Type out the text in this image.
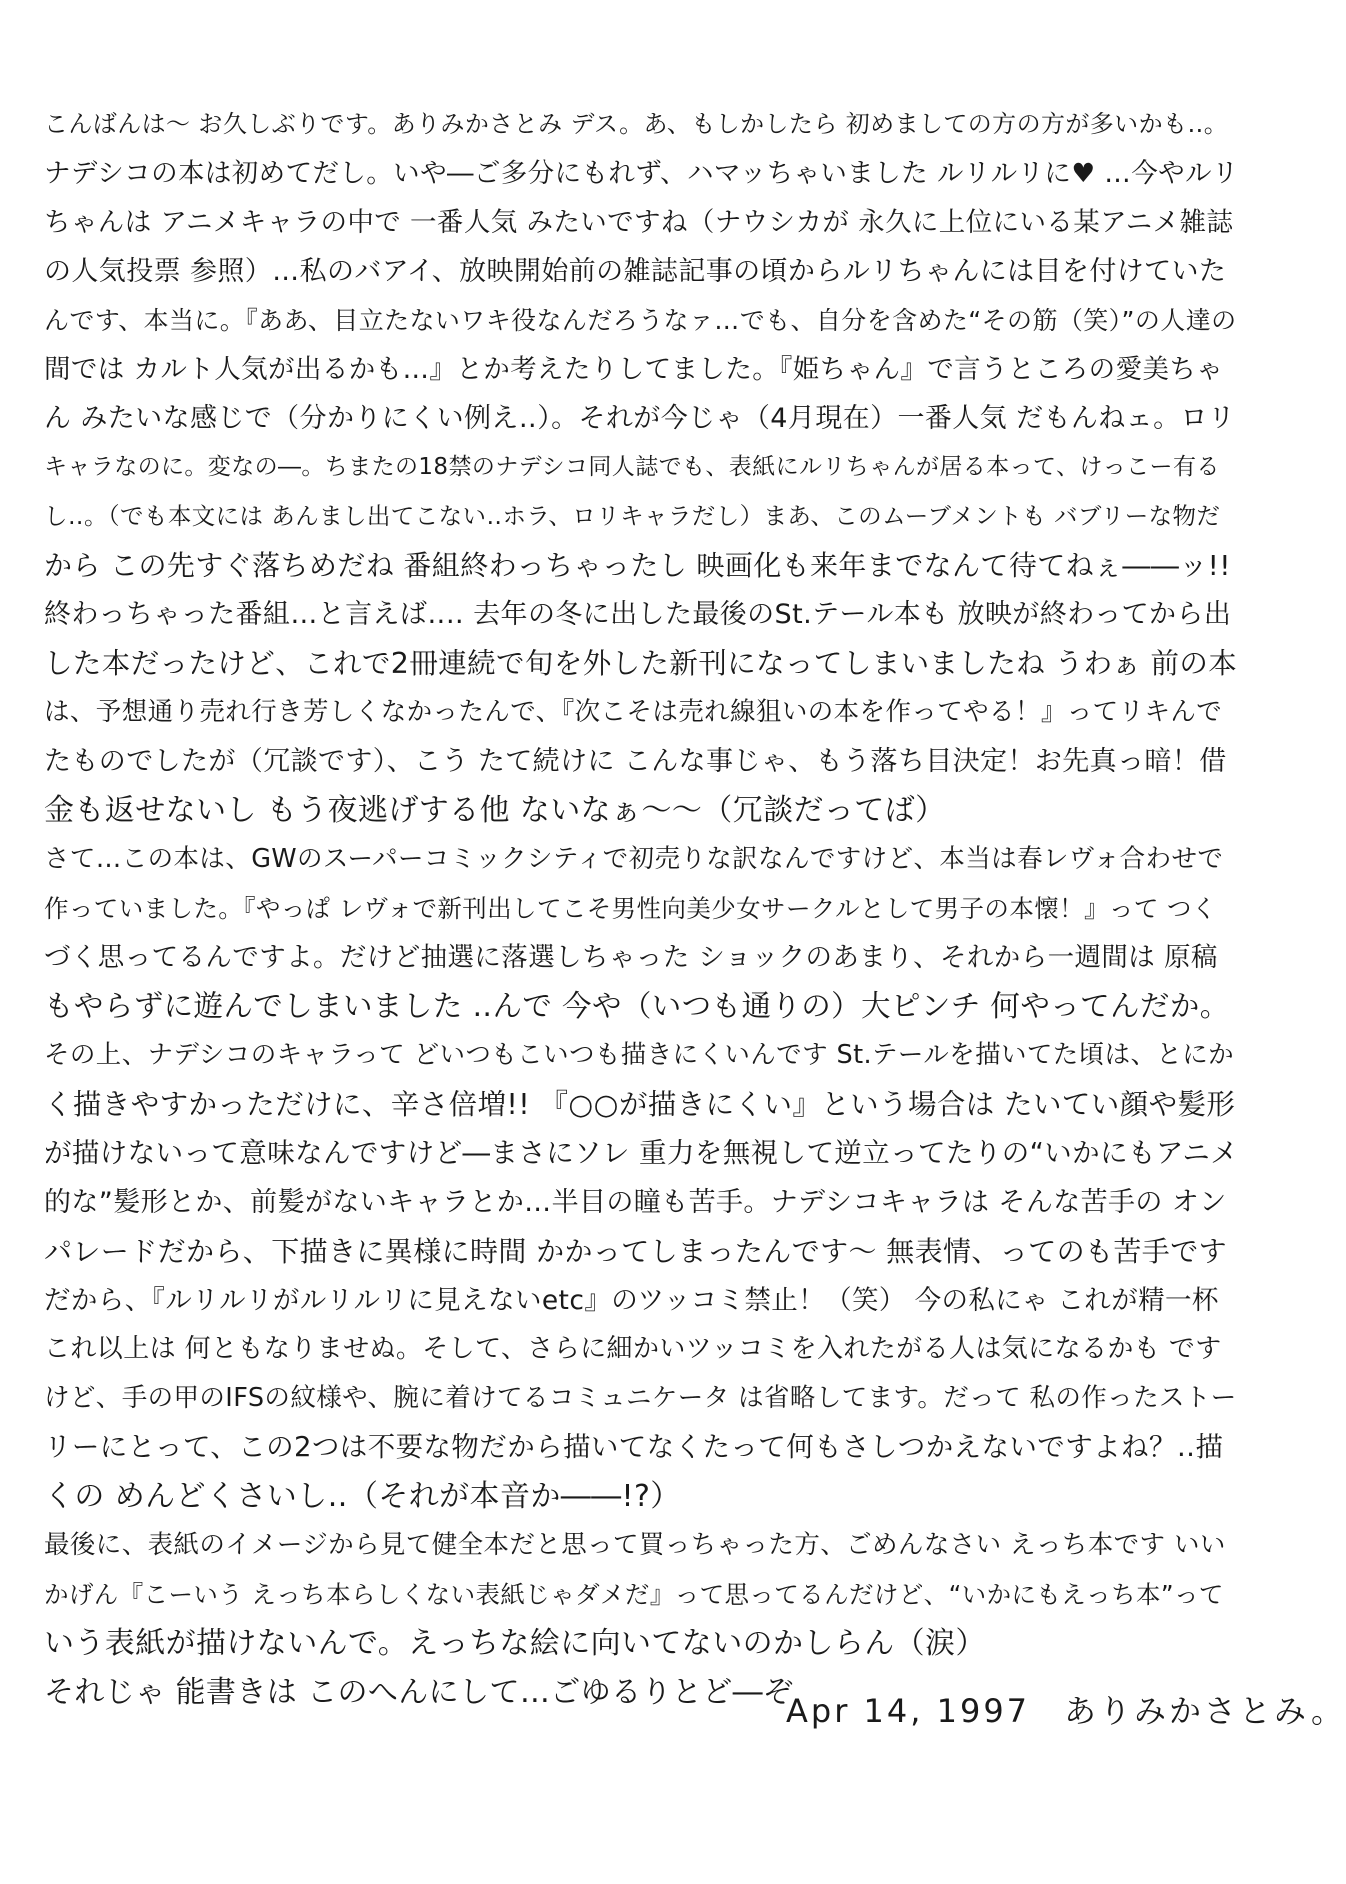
こんばんは〜 お久しぶりです。ありみかさとみ デス。あ、もしかしたら 初めましての方の方が多いかも‥。
ナデシコの本は初めてだし。いや―ご多分にもれず、ハマッちゃいました ルリルリに♥ …今やルリ
ちゃんは アニメキャラの中で 一番人気 みたいですね（ナウシカが 永久に上位にいる某アニメ雑誌
の人気投票 参照）…私のバアイ、放映開始前の雑誌記事の頃からルリちゃんには目を付けていた
んです、本当に。『ああ、目立たないワキ役なんだろうなァ…でも、自分を含めた“その筋（笑）”の人達の
間では カルト人気が出るかも…』とか考えたりしてました。『姫ちゃん』で言うところの愛美ちゃ
ん みたいな感じで（分かりにくい例え‥）。それが今じゃ（4月現在）一番人気 だもんねェ。ロリ
キャラなのに。変なの―。ちまたの18禁のナデシコ同人誌でも、表紙にルリちゃんが居る本って、けっこー有る
し‥。（でも本文には あんまし出てこない‥ホラ、ロリキャラだし）まあ、このムーブメントも バブリーな物だ
から この先すぐ落ちめだね 番組終わっちゃったし 映画化も来年までなんて待てねぇ――ッ!!
終わっちゃった番組…と言えば‥‥ 去年の冬に出した最後のSt.テール本も 放映が終わってから出
した本だったけど、これで2冊連続で旬を外した新刊になってしまいましたね うわぁ 前の本
は、予想通り売れ行き芳しくなかったんで、『次こそは売れ線狙いの本を作ってやる！』ってリキんで
たものでしたが（冗談です）、こう たて続けに こんな事じゃ、もう落ち目決定！お先真っ暗！借
金も返せないし もう夜逃げする他 ないなぁ～～（冗談だってば）
さて…この本は、GWのスーパーコミックシティで初売りな訳なんですけど、本当は春レヴォ合わせで
作っていました。『やっぱ レヴォで新刊出してこそ男性向美少女サークルとして男子の本懐！』って つく
づく思ってるんですよ。だけど抽選に落選しちゃった ショックのあまり、それから一週間は 原稿
もやらずに遊んでしまいました ‥んで 今や（いつも通りの）大ピンチ 何やってんだか。
その上、ナデシコのキャラって どいつもこいつも描きにくいんです St.テールを描いてた頃は、とにか
く描きやすかっただけに、辛さ倍増!! 『○○が描きにくい』という場合は たいてい顔や髪形
が描けないって意味なんですけど―まさにソレ 重力を無視して逆立ってたりの“いかにもアニメ
的な”髪形とか、前髪がないキャラとか…半目の瞳も苦手。ナデシコキャラは そんな苦手の オン
パレードだから、下描きに異様に時間 かかってしまったんです～ 無表情、ってのも苦手です
だから、『ルリルリがルリルリに見えないetc』のツッコミ禁止！（笑） 今の私にゃ これが精一杯
これ以上は 何ともなりませぬ。そして、さらに細かいツッコミを入れたがる人は気になるかも です
けど、手の甲のIFSの紋様や、腕に着けてるコミュニケータ は省略してます。だって 私の作ったストー
リーにとって、この2つは不要な物だから描いてなくたって何もさしつかえないですよね？‥描
くの めんどくさいし‥（それが本音か――!?）
最後に、表紙のイメージから見て健全本だと思って買っちゃった方、ごめんなさい えっち本です いい
かげん『こーいう えっち本らしくない表紙じゃダメだ』って思ってるんだけど、“いかにもえっち本”って
いう表紙が描けないんで。えっちな絵に向いてないのかしらん（涙）
それじゃ 能書きは このへんにして…ごゆるりとど―ぞ
Apr 14, 1997 ありみかさとみ。
